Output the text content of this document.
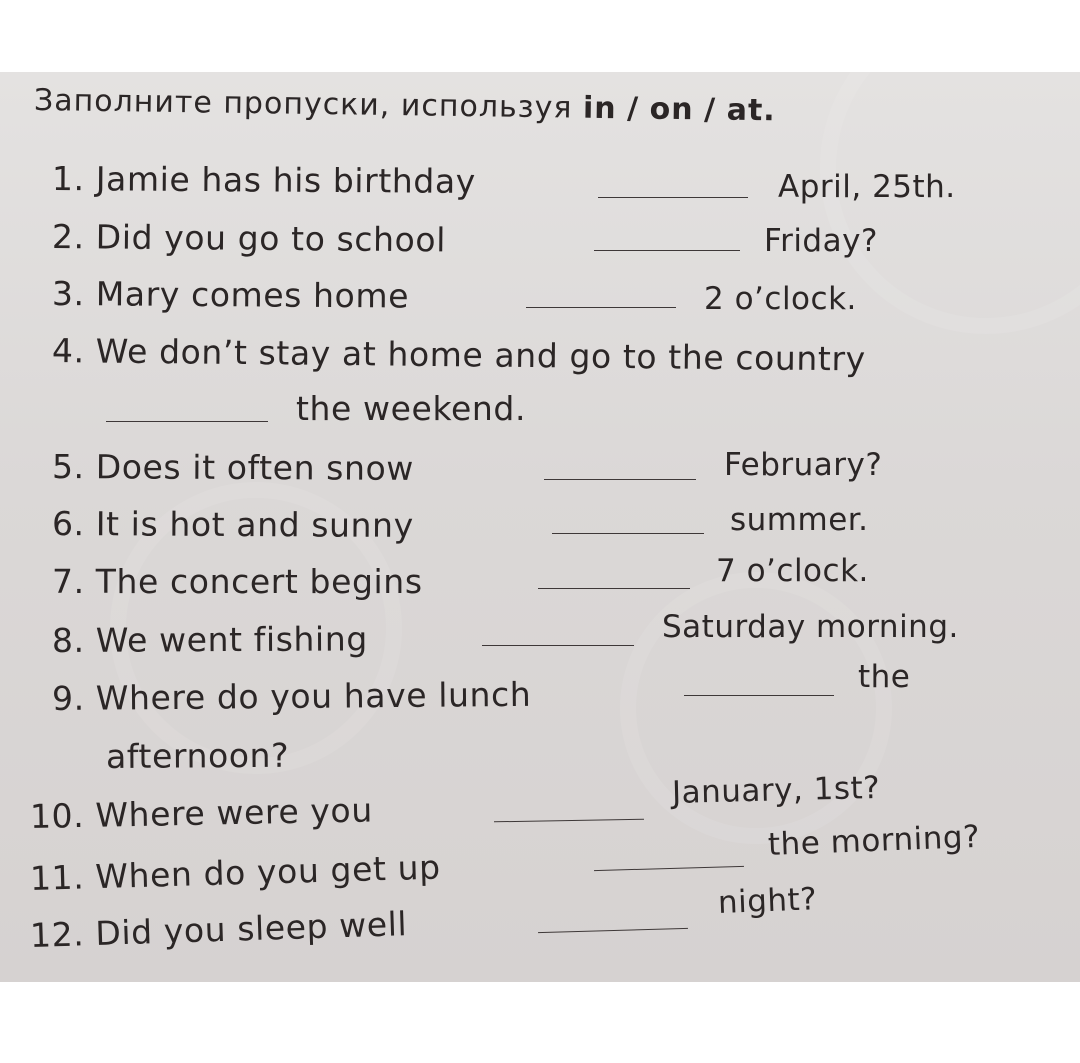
Заполните пропуски, используя in / on / at.
1. Jamie has his birthday	April, 25th.
2. Did you go to school	Friday?
3. Mary comes home	2 o’clock.
4. We don’t stay at home and go to the country
the weekend.
5. Does it often snow	February?
6. It is hot and sunny	summer.
7. The concert begins	7 o’clock.
8. We went fishing	Saturday morning.
9. Where do you have lunch	the
afternoon?
10. Where were you	January, 1st?
11. When do you get up
the morning?
12. Did you sleep well
night?
